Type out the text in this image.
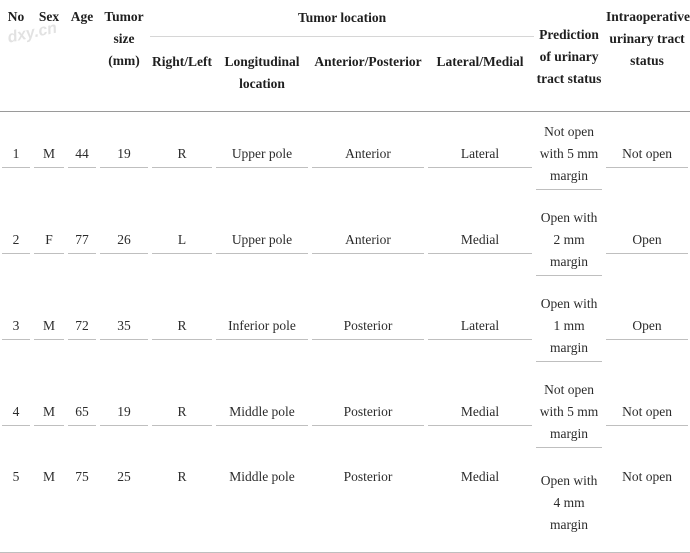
dxy.cn
No	Sex	Age	Tumor size (mm)	Tumor location				Prediction of urinary tract status	Intraoperative urinary tract status
				Right/Left	Longitudinal location	Anterior/Posterior	Lateral/Medial		

1	M	44	19	R	Upper pole	Anterior	Lateral	Not open with 5 mm margin	Not open

2	F	77	26	L	Upper pole	Anterior	Medial	Open with 2 mm margin	Open

3	M	72	35	R	Inferior pole	Posterior	Lateral	Open with 1 mm margin	Open

4	M	65	19	R	Middle pole	Posterior	Medial	Not open with 5 mm margin	Not open

5	M	75	25	R	Middle pole	Posterior	Medial	Open with 4 mm margin	Not open
